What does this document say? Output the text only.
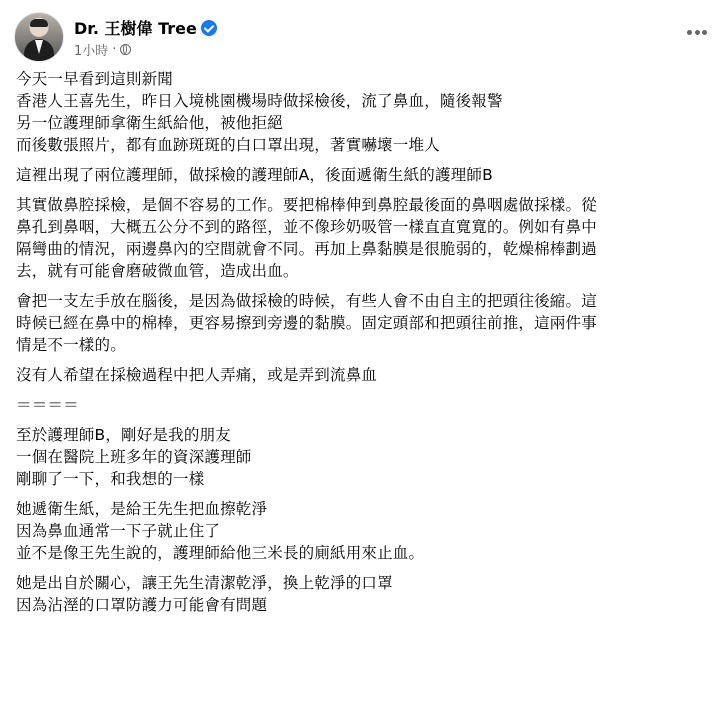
Dr. 王樹偉 Tree
1小時 ·

今天一早看到這則新聞

香港人王喜先生，昨日入境桃園機場時做採檢後，流了鼻血，隨後報警

另一位護理師拿衛生紙給他，被他拒絕

而後數張照片，都有血跡斑斑的白口罩出現，著實嚇壞一堆人

這裡出現了兩位護理師，做採檢的護理師A，後面遞衛生紙的護理師B

其實做鼻腔採檢，是個不容易的工作。要把棉棒伸到鼻腔最後面的鼻咽處做採樣。從

鼻孔到鼻咽，大概五公分不到的路徑，並不像珍奶吸管一樣直直寬寬的。例如有鼻中

隔彎曲的情況，兩邊鼻內的空間就會不同。再加上鼻黏膜是很脆弱的，乾燥棉棒劃過

去，就有可能會磨破微血管，造成出血。

會把一支左手放在腦後，是因為做採檢的時候，有些人會不由自主的把頭往後縮。這

時候已經在鼻中的棉棒，更容易擦到旁邊的黏膜。固定頭部和把頭往前推，這兩件事

情是不一樣的。

沒有人希望在採檢過程中把人弄痛，或是弄到流鼻血

＝＝＝＝

至於護理師B，剛好是我的朋友

一個在醫院上班多年的資深護理師

剛聊了一下，和我想的一樣

她遞衛生紙，是給王先生把血擦乾淨

因為鼻血通常一下子就止住了

並不是像王先生說的，護理師給他三米長的廁紙用來止血。

她是出自於關心，讓王先生清潔乾淨，換上乾淨的口罩

因為沾溼的口罩防護力可能會有問題
